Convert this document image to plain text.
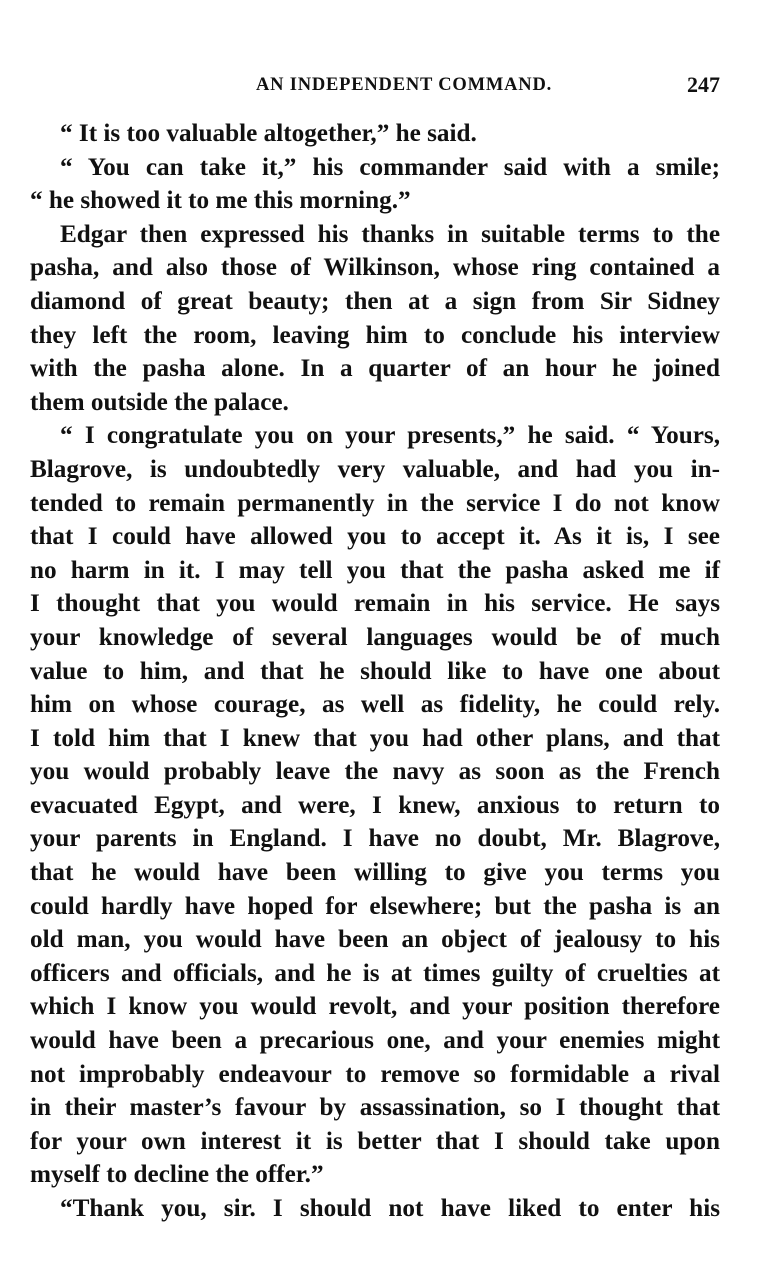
AN INDEPENDENT COMMAND.	247
“ It is too valuable altogether,” he said.
“ You can take it,” his commander said with a smile;
“ he showed it to me this morning.”
Edgar then expressed his thanks in suitable terms to the
pasha, and also those of Wilkinson, whose ring contained a
diamond of great beauty; then at a sign from Sir Sidney
they left the room, leaving him to conclude his interview
with the pasha alone. In a quarter of an hour he joined
them outside the palace.
“ I congratulate you on your presents,” he said. “ Yours,
Blagrove, is undoubtedly very valuable, and had you in-
tended to remain permanently in the service I do not know
that I could have allowed you to accept it. As it is, I see
no harm in it. I may tell you that the pasha asked me if
I thought that you would remain in his service. He says
your knowledge of several languages would be of much
value to him, and that he should like to have one about
him on whose courage, as well as fidelity, he could rely.
I told him that I knew that you had other plans, and that
you would probably leave the navy as soon as the French
evacuated Egypt, and were, I knew, anxious to return to
your parents in England. I have no doubt, Mr. Blagrove,
that he would have been willing to give you terms you
could hardly have hoped for elsewhere; but the pasha is an
old man, you would have been an object of jealousy to his
officers and officials, and he is at times guilty of cruelties at
which I know you would revolt, and your position therefore
would have been a precarious one, and your enemies might
not improbably endeavour to remove so formidable a rival
in their master’s favour by assassination, so I thought that
for your own interest it is better that I should take upon
myself to decline the offer.”
“Thank you, sir. I should not have liked to enter his
